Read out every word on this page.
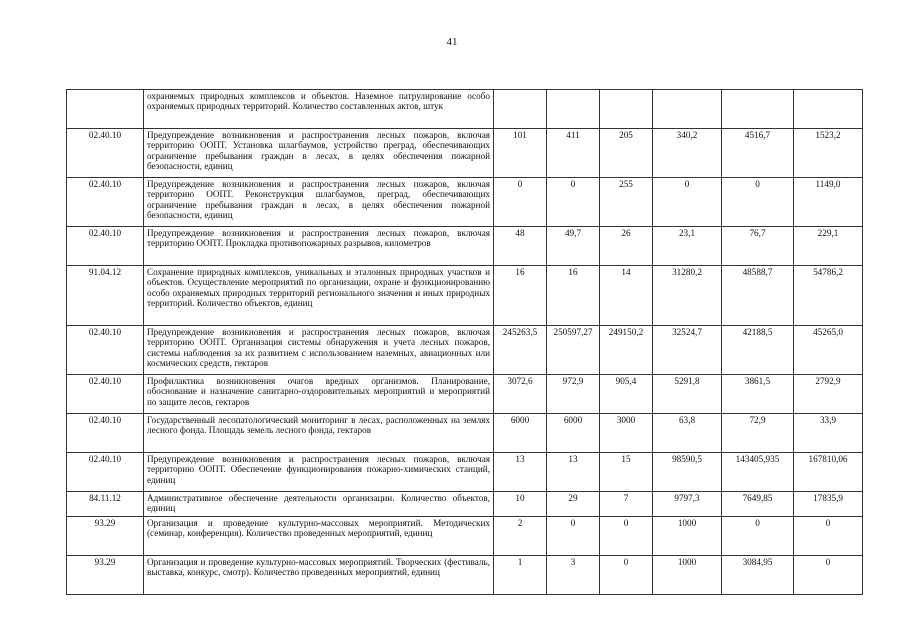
41
	охраняемых природных комплексов и объектов. Наземное патрулирование особо охраняемых природных территорий. Количество составленных актов, штук						
02.40.10	Предупреждение возникновения и распространения лесных пожаров, включая территорию ООПТ. Установка шлагбаумов, устройство преград, обеспечивающих ограничение пребывания граждан в лесах, в целях обеспечения пожарной безопасности, единиц	101	411	205	340,2	4516,7	1523,2
02.40.10	Предупреждение возникновения и распространения лесных пожаров, включая территорию ООПТ. Реконструкция шлагбаумов, преград, обеспечивающих ограничение пребывания граждан в лесах, в целях обеспечения пожарной безопасности, единиц	0	0	255	0	0	1149,0
02.40.10	Предупреждение возникновения и распространения лесных пожаров, включая территорию ООПТ. Прокладка противопожарных разрывов, километров	48	49,7	26	23,1	76,7	229,1
91.04.12	Сохранение природных комплексов, уникальных и эталонных природных участков и объектов. Осуществление мероприятий по организации, охране и функционированию особо охраняемых природных территорий регионального значения и иных природных территорий. Количество объектов, единиц	16	16	14	31280,2	48588,7	54786,2
02.40.10	Предупреждение возникновения и распространения лесных пожаров, включая территорию ООПТ. Организация системы обнаружения и учета лесных пожаров, системы наблюдения за их развитием с использованием наземных, авиационных или космических средств, гектаров	245263,5	250597,27	249150,2	32524,7	42188,5	45265,0
02.40.10	Профилактика возникновения очагов вредных организмов. Планирование, обоснование и назначение санитарно-оздоровительных мероприятий и мероприятий по защите лесов, гектаров	3072,6	972,9	905,4	5291,8	3861,5	2792,9
02.40.10	Государственный лесопатологический мониторинг в лесах, расположенных на землях лесного фонда. Площадь земель лесного фонда, гектаров	6000	6000	3000	63,8	72,9	33,9
02.40.10	Предупреждение возникновения и распространения лесных пожаров, включая территорию ООПТ. Обеспечение функционирования пожарно-химических станций, единиц	13	13	15	98590,5	143405,935	167810,06
84.11.12	Административное обеспечение деятельности организации. Количество объектов, единиц	10	29	7	9797,3	7649,85	17835,9
93.29	Организация и проведение культурно-массовых мероприятий. Методических (семинар, конференция). Количество проведенных мероприятий, единиц	2	0	0	1000	0	0
93.29	Организация и проведение культурно-массовых мероприятий. Творческих (фестиваль, выставка, конкурс, смотр). Количество проведенных мероприятий, единиц	1	3	0	1000	3084,95	0
